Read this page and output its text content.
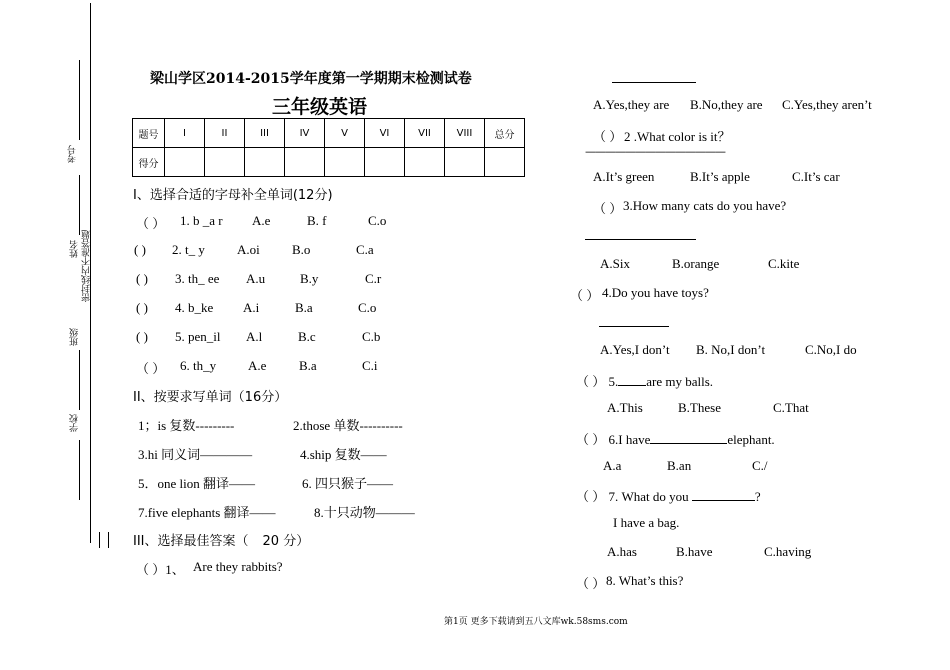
考号
姓名 密封线内不准答题
班级
学校
梁山学区2014-2015学年度第一学期期末检测试卷
三年级英语
题号	I	II	III	IV	V	VI	VII	VIII	总分
得分									
I、选择合适的字母补全单词(12分)
（ ） 1. b _a r A.e	B. f	C.o
( ) 2. t_ y A.oi B.o	C.a
( ) 3. th_ ee A.u	B.y	C.r
( ) 4. b_ke A.i	B.a	C.o
( ) 5. pen_il A.l	B.c	C.b
（ ） 6. th_y A.e	B.a	C.i
II、按要求写单词（16分）
1；is 复数---------	2.those 单数----------
3.hi 同义词————	4.ship 复数——
5．one lion 翻译——	6. 四只猴子——
7.five elephants 翻译——	8.十只动物———
III、选择最佳答案（ 20 分）
（ ）1、 Are they rabbits?
A.Yes,they are B.No,they are C.Yes,they aren’t
（ ） 2 .What color is it？
——————————————
A.It’s green	B.It’s apple	C.It’s car
（ ） 3.How many cats do you have?
A.Six	B.orange	C.kite
（ ） 4.Do you have toys?
A.Yes,I don’t B. No,I don’t	C.No,I do
（ ） 5. are my balls.
A.This	B.These	C.That
（ ） 6.I have	elephant.
A.a	B.an	C./
（ ） 7. What do you	?
I have a bag.
A.has	B.have	C.having
（ ） 8. What’s this?
第1页 更多下载请到五八文库wk.58sms.com
